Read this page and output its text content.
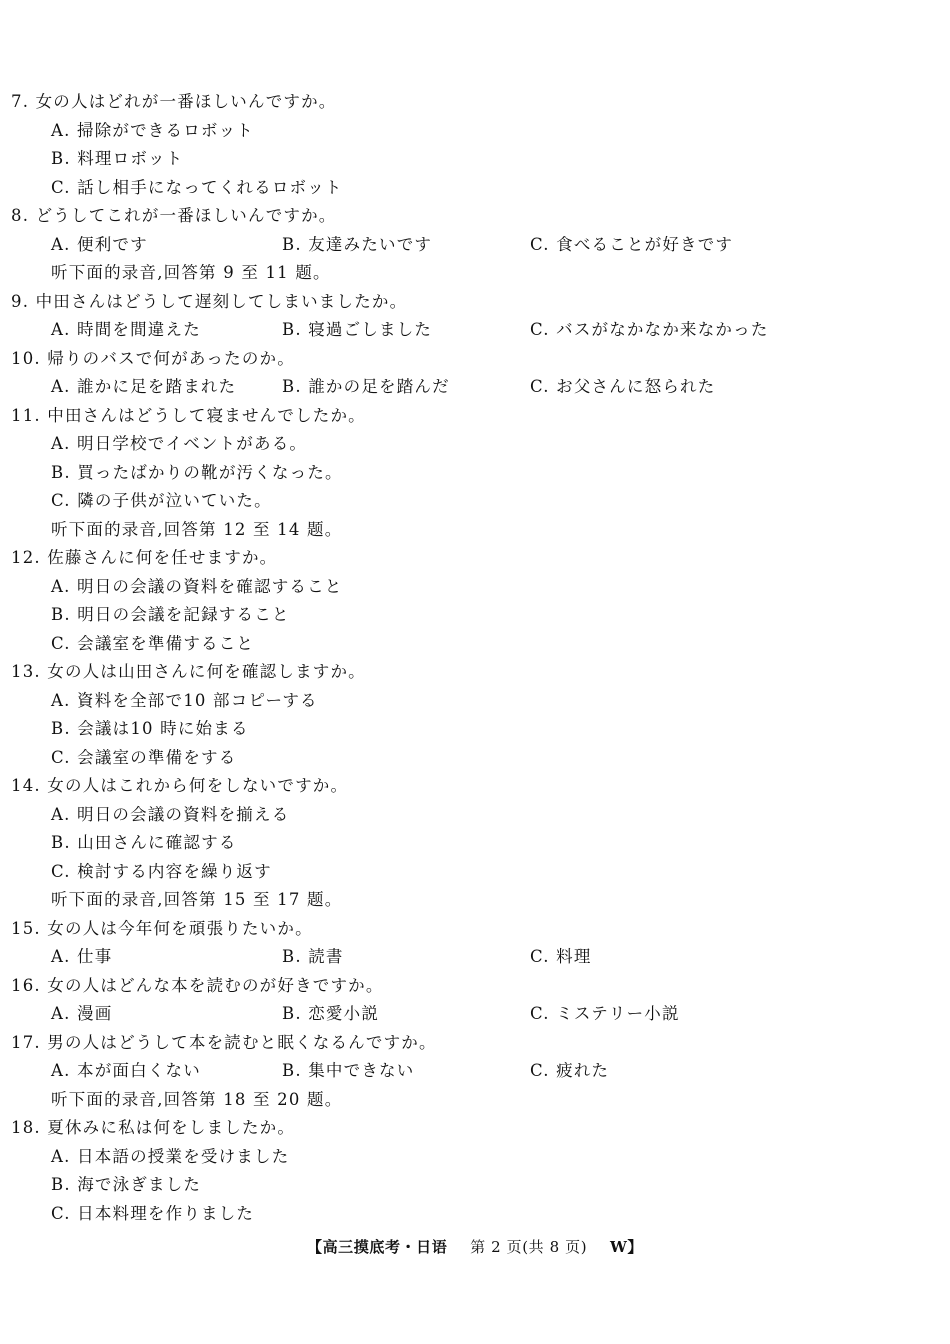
7. 女の人はどれが一番ほしいんですか。
A. 掃除ができるロボット
B. 料理ロボット
C. 話し相手になってくれるロボット
8. どうしてこれが一番ほしいんですか。
A. 便利です	B. 友達みたいです	C. 食べることが好きです
听下面的录音,回答第 9 至 11 题。
9. 中田さんはどうして遅刻してしまいましたか。
A. 時間を間違えた	B. 寝過ごしました	C. バスがなかなか来なかった
10. 帰りのバスで何があったのか。
A. 誰かに足を踏まれた	B. 誰かの足を踏んだ	C. お父さんに怒られた
11. 中田さんはどうして寝ませんでしたか。
A. 明日学校でイベントがある。
B. 買ったばかりの靴が汚くなった。
C. 隣の子供が泣いていた。
听下面的录音,回答第 12 至 14 题。
12. 佐藤さんに何を任せますか。
A. 明日の会議の資料を確認すること
B. 明日の会議を記録すること
C. 会議室を準備すること
13. 女の人は山田さんに何を確認しますか。
A. 資料を全部で10 部コピーする
B. 会議は10 時に始まる
C. 会議室の準備をする
14. 女の人はこれから何をしないですか。
A. 明日の会議の資料を揃える
B. 山田さんに確認する
C. 検討する内容を繰り返す
听下面的录音,回答第 15 至 17 题。
15. 女の人は今年何を頑張りたいか。
A. 仕事	B. 読書	C. 料理
16. 女の人はどんな本を読むのが好きですか。
A. 漫画	B. 恋愛小説	C. ミステリー小説
17. 男の人はどうして本を読むと眠くなるんですか。
A. 本が面白くない	B. 集中できない	C. 疲れた
听下面的录音,回答第 18 至 20 题。
18. 夏休みに私は何をしましたか。
A. 日本語の授業を受けました
B. 海で泳ぎました
C. 日本料理を作りました
【高三摸底考・日语 第 2 页(共 8 页) W】
